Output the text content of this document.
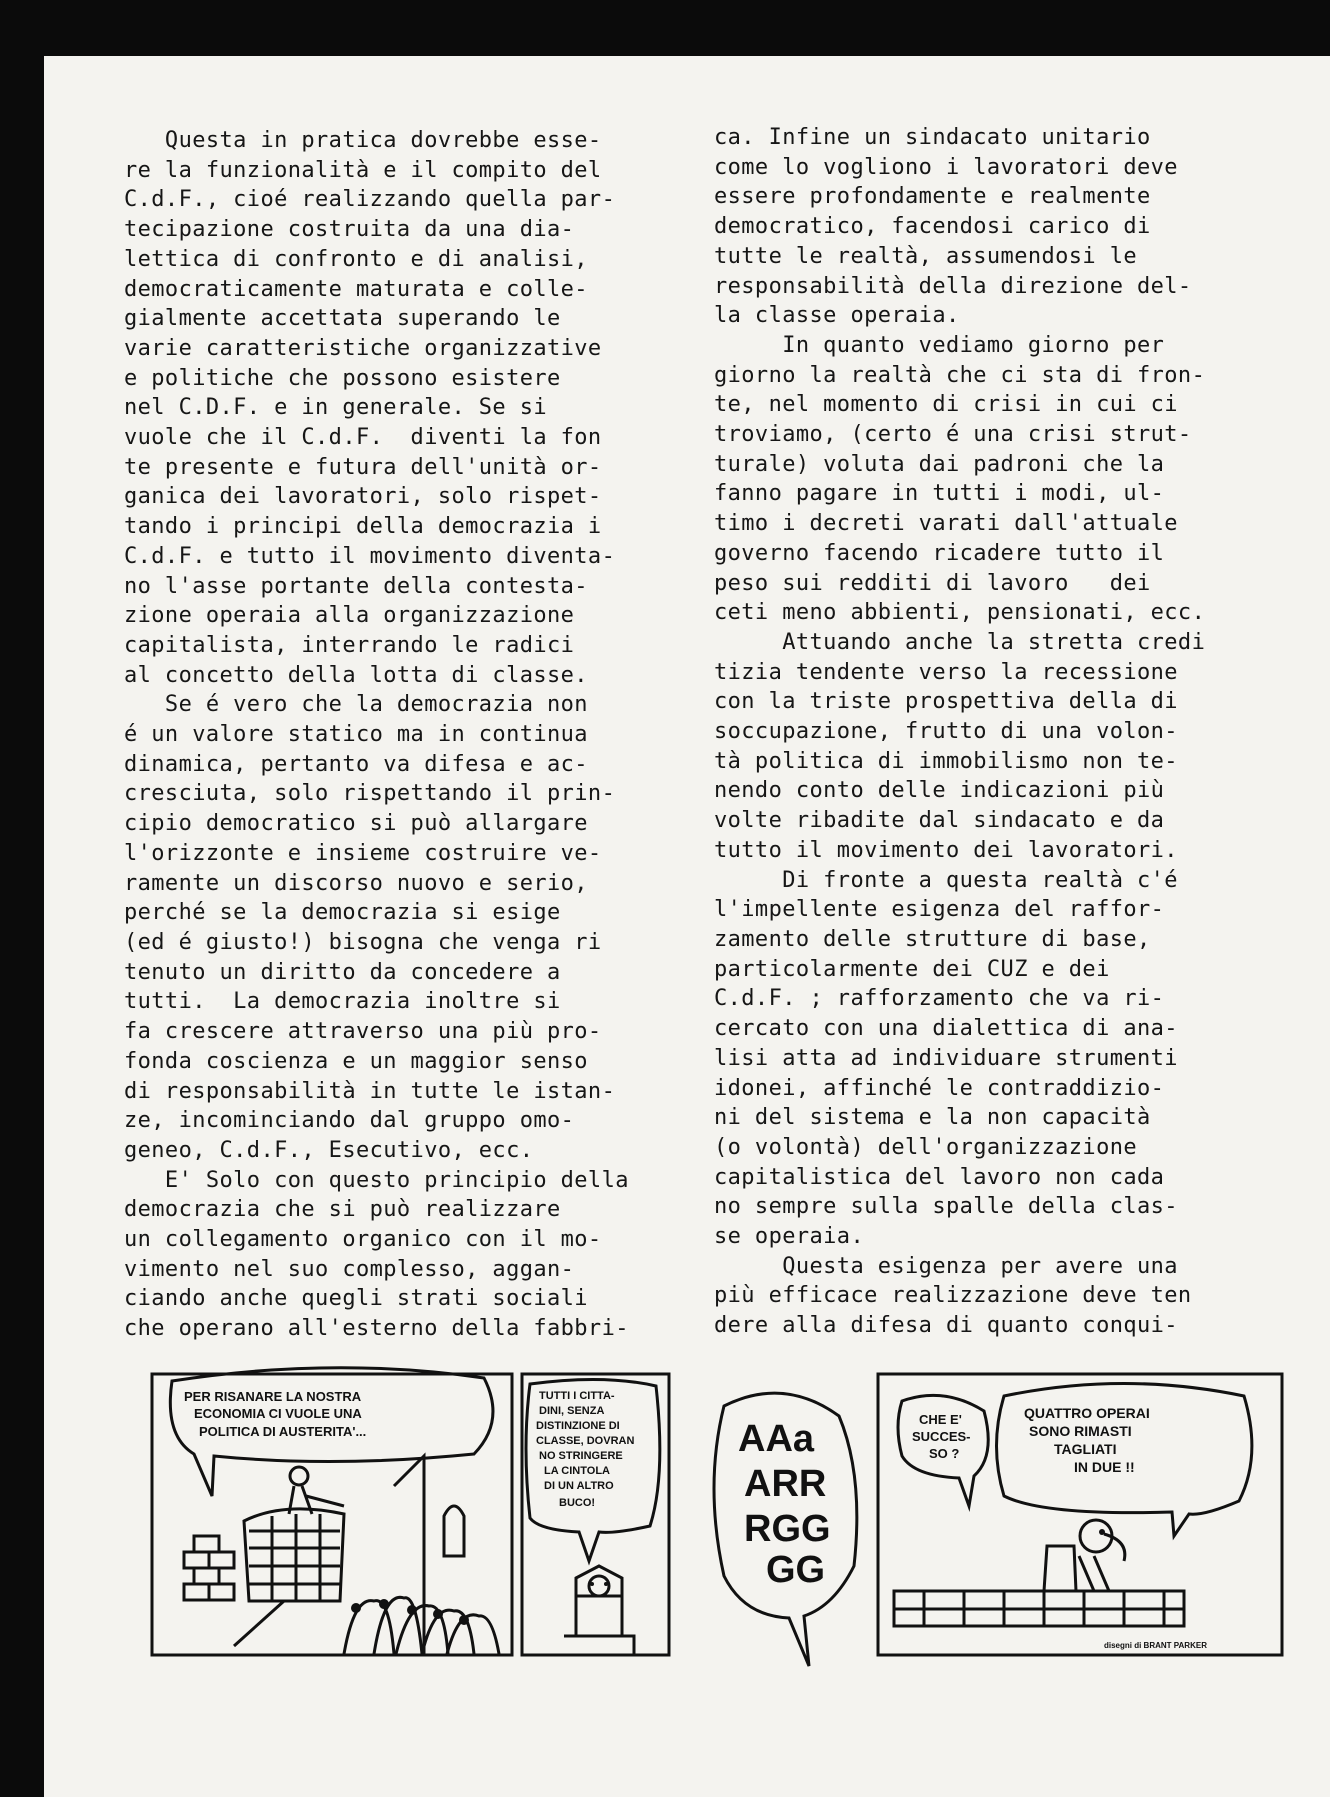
Questa in pratica dovrebbe esse-

re la funzionalità e il compito del

C.d.F., cioé realizzando quella par-

tecipazione costruita da una dia-

lettica di confronto e di analisi,

democraticamente maturata e colle-

gialmente accettata superando le

varie caratteristiche organizzative

e politiche che possono esistere

nel C.D.F. e in generale. Se si

vuole che il C.d.F.  diventi la fon

te presente e futura dell'unità or-

ganica dei lavoratori, solo rispet-

tando i principi della democrazia i

C.d.F. e tutto il movimento diventa-

no l'asse portante della contesta-

zione operaia alla organizzazione

capitalista, interrando le radici

al concetto della lotta di classe.

Se é vero che la democrazia non

é un valore statico ma in continua

dinamica, pertanto va difesa e ac-

cresciuta, solo rispettando il prin-

cipio democratico si può allargare

l'orizzonte e insieme costruire ve-

ramente un discorso nuovo e serio,

perché se la democrazia si esige

(ed é giusto!) bisogna che venga ri

tenuto un diritto da concedere a

tutti.  La democrazia inoltre si

fa crescere attraverso una più pro-

fonda coscienza e un maggior senso

di responsabilità in tutte le istan-

ze, incominciando dal gruppo omo-

geneo, C.d.F., Esecutivo, ecc.

E' Solo con questo principio della

democrazia che si può realizzare

un collegamento organico con il mo-

vimento nel suo complesso, aggan-

ciando anche quegli strati sociali

che operano all'esterno della fabbri-

ca. Infine un sindacato unitario

come lo vogliono i lavoratori deve

essere profondamente e realmente

democratico, facendosi carico di

tutte le realtà, assumendosi le

responsabilità della direzione del-

la classe operaia.

In quanto vediamo giorno per

giorno la realtà che ci sta di fron-

te, nel momento di crisi in cui ci

troviamo, (certo é una crisi strut-

turale) voluta dai padroni che la

fanno pagare in tutti i modi, ul-

timo i decreti varati dall'attuale

governo facendo ricadere tutto il

peso sui redditi di lavoro   dei

ceti meno abbienti, pensionati, ecc.

Attuando anche la stretta credi

tizia tendente verso la recessione

con la triste prospettiva della di

soccupazione, frutto di una volon-

tà politica di immobilismo non te-

nendo conto delle indicazioni più

volte ribadite dal sindacato e da

tutto il movimento dei lavoratori.

Di fronte a questa realtà c'é

l'impellente esigenza del raffor-

zamento delle strutture di base,

particolarmente dei CUZ e dei

C.d.F. ; rafforzamento che va ri-

cercato con una dialettica di ana-

lisi atta ad individuare strumenti

idonei, affinché le contraddizio-

ni del sistema e la non capacità

(o volontà) dell'organizzazione

capitalistica del lavoro non cada

no sempre sulla spalle della clas-

se operaia.

Questa esigenza per avere una

più efficace realizzazione deve ten

dere alla difesa di quanto conqui-

PER RISANARE LA NOSTRA ECONOMIA CI VUOLE UNA POLITICA DI AUSTERITA'...
TUTTI I CITTA- DINI, SENZA DISTINZIONE DI CLASSE, DOVRAN NO STRINGERE LA CINTOLA DI UN ALTRO BUCO!
AAa ARR RGG GG
CHE E' SUCCES- SO ?
QUATTRO OPERAI SONO RIMASTI TAGLIATI IN DUE !!
disegni di BRANT PARKER
